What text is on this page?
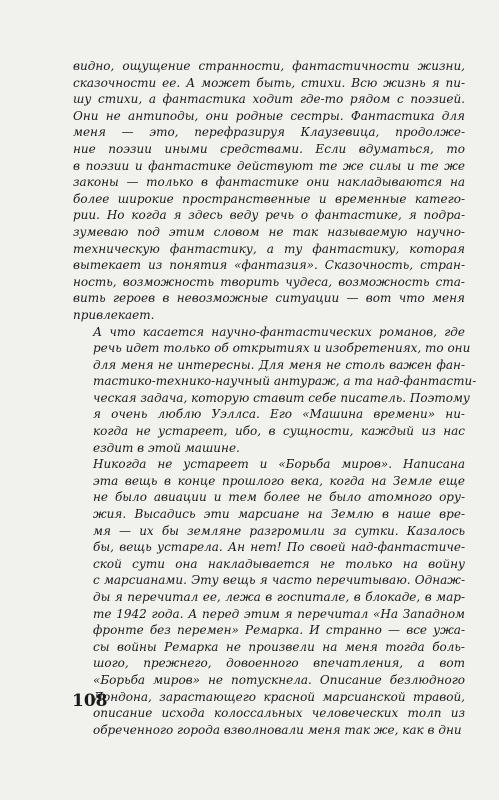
видно, ощущение странности, фантастичности жизни,
сказочности ее. А может быть, стихи. Всю жизнь я пи-
шу стихи, а фантастика ходит где-то рядом с поэзией.
Они не антиподы, они родные сестры. Фантастика для
меня — это, перефразируя Клаузевица, продолже-
ние поэзии иными средствами. Если вдуматься, то
в поэзии и фантастике действуют те же силы и те же
законы — только в фантастике они накладываются на
более широкие пространственные и временные катего-
рии. Но когда я здесь веду речь о фантастике, я подра-
зумеваю под этим словом не так называемую научно-
техническую фантастику, а ту фантастику, которая
вытекает из понятия «фантазия». Сказочность, стран-
ность, возможность творить чудеса, возможность ста-
вить героев в невозможные ситуации — вот что меня
привлекает.
А что касается научно-фантастических романов, где
речь идет только об открытиях и изобретениях, то они
для меня не интересны. Для меня не столь важен фан-
тастико-технико-научный антураж, а та над-фантасти-
ческая задача, которую ставит себе писатель. Поэтому
я очень люблю Уэллса. Его «Машина времени» ни-
когда не устареет, ибо, в сущности, каждый из нас
ездит в этой машине.
Никогда не устареет и «Борьба миров». Написана
эта вещь в конце прошлого века, когда на Земле еще
не было авиации и тем более не было атомного ору-
жия. Высадись эти марсиане на Землю в наше вре-
мя — их бы земляне разгромили за сутки. Казалось
бы, вещь устарела. Ан нет! По своей над-фантастиче-
ской сути она накладывается не только на войну
с марсианами. Эту вещь я часто перечитываю. Однаж-
ды я перечитал ее, лежа в госпитале, в блокаде, в мар-
те 1942 года. А перед этим я перечитал «На Западном
фронте без перемен» Ремарка. И странно — все ужа-
сы войны Ремарка не произвели на меня тогда боль-
шого, прежнего, довоенного впечатления, а вот
«Борьба миров» не потускнела. Описание безлюдного
Лондона, зарастающего красной марсианской травой,
описание исхода колоссальных человеческих толп из
обреченного города взволновали меня так же, как в дни
108
